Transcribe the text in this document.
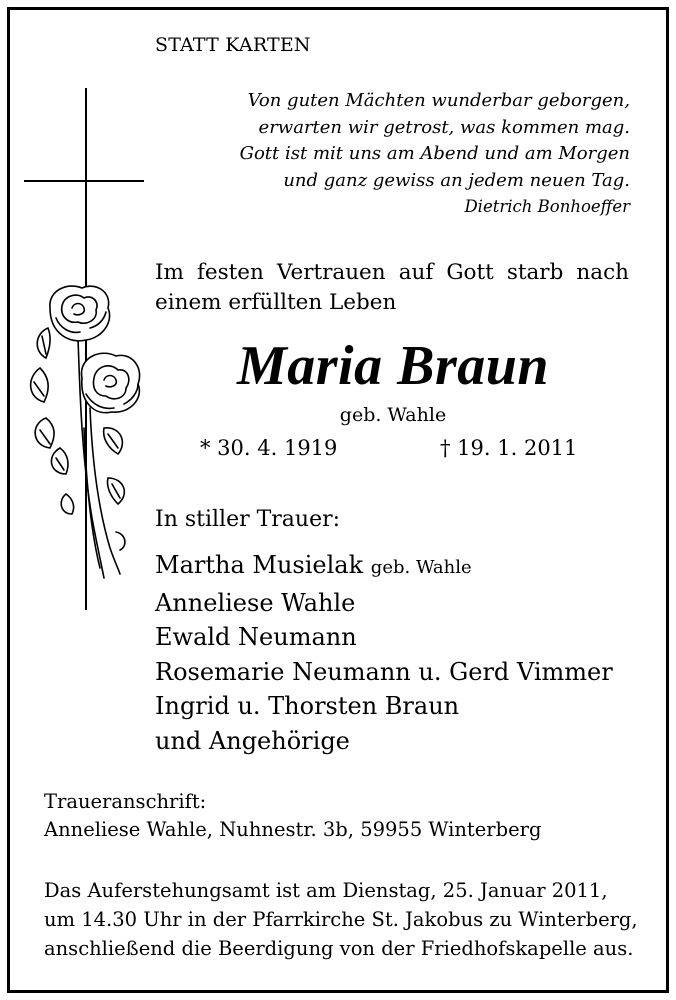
STATT KARTEN
Von guten Mächten wunderbar geborgen,
erwarten wir getrost, was kommen mag.
Gott ist mit uns am Abend und am Morgen
und ganz gewiss an jedem neuen Tag.
Dietrich Bonhoeffer
Im festen Vertrauen auf Gott starb nach
einem erfüllten Leben
Maria Braun
geb. Wahle
* 30. 4. 1919	† 19. 1. 2011
In stiller Trauer:
Martha Musielak geb. Wahle
Anneliese Wahle
Ewald Neumann
Rosemarie Neumann u. Gerd Vimmer
Ingrid u. Thorsten Braun
und Angehörige
Traueranschrift:
Anneliese Wahle, Nuhnestr. 3b, 59955 Winterberg
Das Auferstehungsamt ist am Dienstag, 25. Januar 2011,
um 14.30 Uhr in der Pfarrkirche St. Jakobus zu Winterberg,
anschließend die Beerdigung von der Friedhofskapelle aus.
